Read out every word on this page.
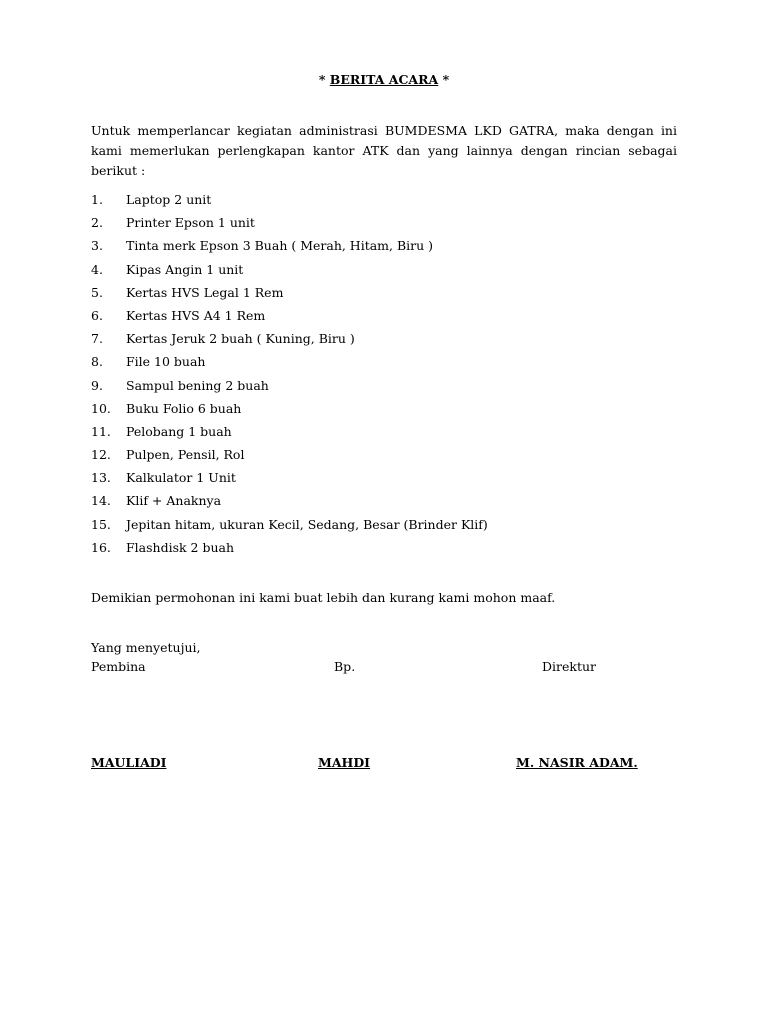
* BERITA ACARA *

Untuk memperlancar kegiatan administrasi BUMDESMA LKD GATRA, maka dengan ini kami memerlukan perlengkapan kantor ATK dan yang lainnya dengan rincian sebagai berikut :

1.	Laptop 2 unit
2.	Printer Epson 1 unit
3.	Tinta merk Epson 3 Buah ( Merah, Hitam, Biru )
4.	Kipas Angin 1 unit
5.	Kertas HVS Legal 1 Rem
6.	Kertas HVS A4 1 Rem
7.	Kertas Jeruk 2 buah ( Kuning, Biru )
8.	File 10 buah
9.	Sampul bening 2 buah
10.	Buku Folio 6 buah
11.	Pelobang 1 buah
12.	Pulpen, Pensil, Rol
13.	Kalkulator 1 Unit
14.	Klif + Anaknya
15.	Jepitan hitam, ukuran Kecil, Sedang, Besar (Brinder Klif)
16.	Flashdisk 2 buah

Demikian permohonan ini kami buat lebih dan kurang kami mohon maaf.

Yang menyetujui,

Pembina	Bp.	Direktur
MAULIADI	MAHDI	M. NASIR ADAM.
